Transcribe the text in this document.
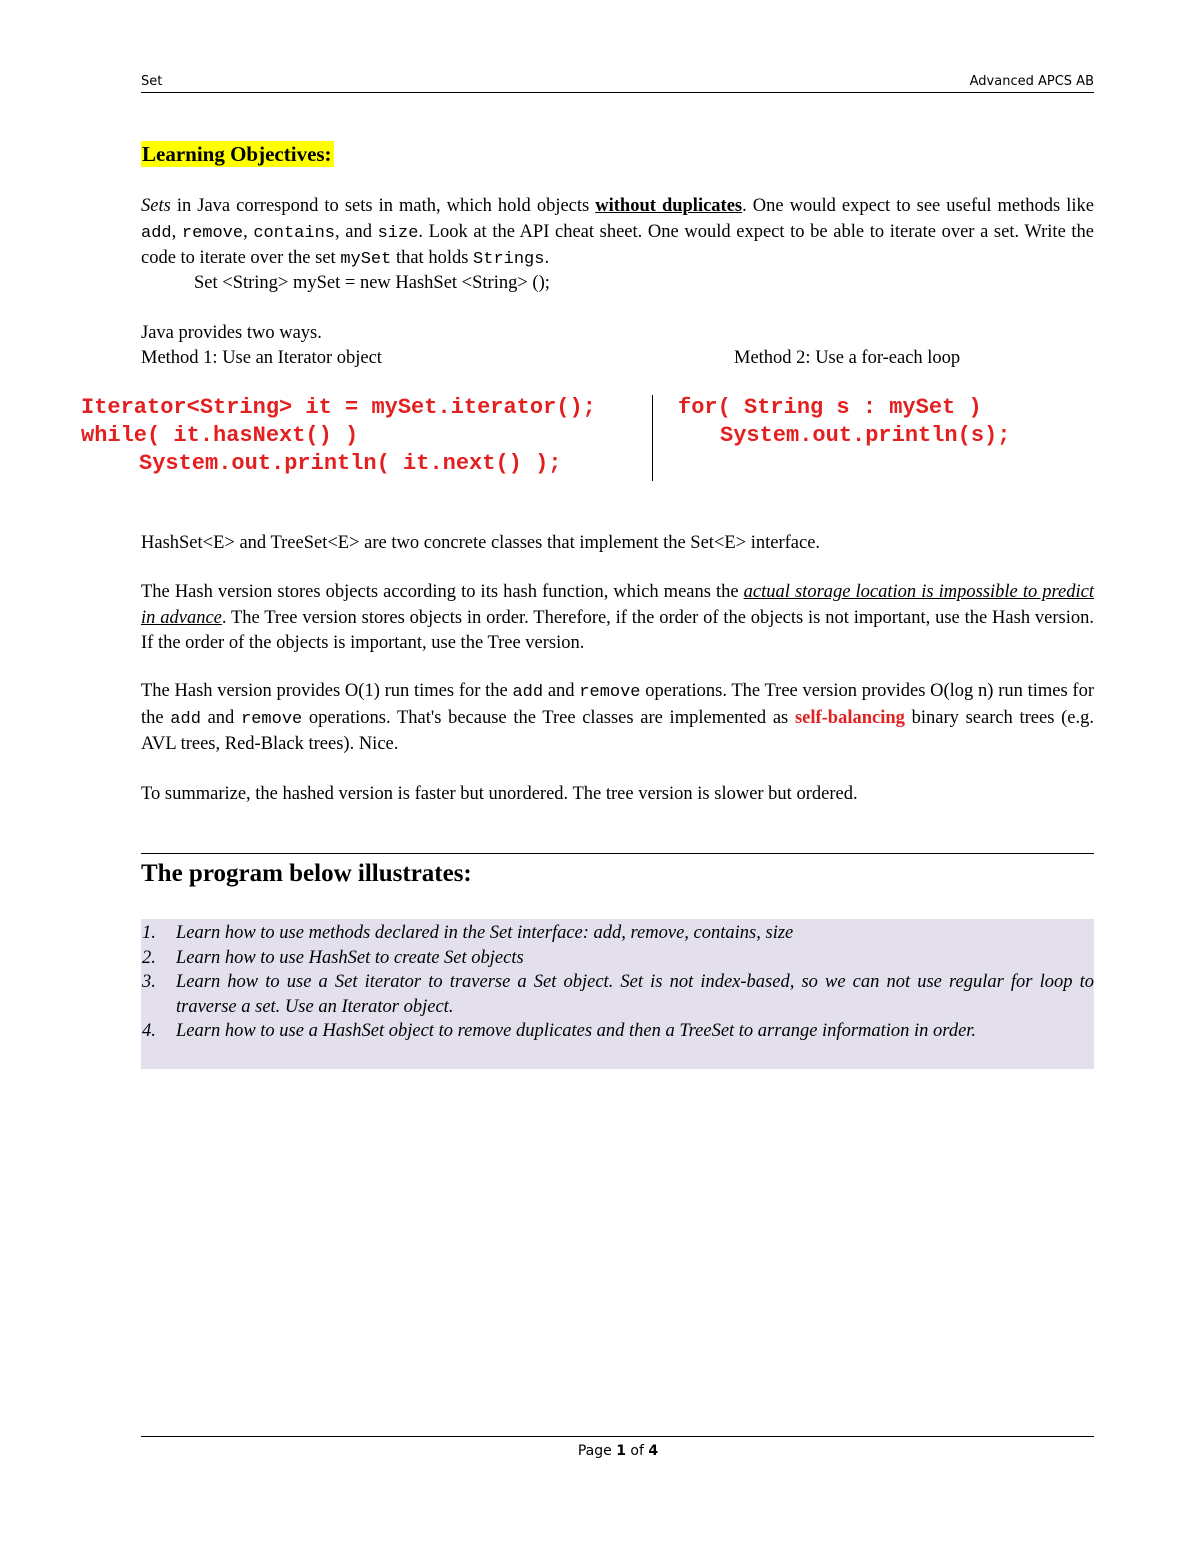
Set	Advanced APCS AB
Learning Objectives:
Sets in Java correspond to sets in math, which hold objects without duplicates. One would expect to see useful methods like add, remove, contains, and size. Look at the API cheat sheet. One would expect to be able to iterate over a set. Write the code to iterate over the set mySet that holds Strings.
Set <String> mySet = new HashSet <String> ();
Java provides two ways.
Method 1: Use an Iterator object	Method 2: Use a for-each loop
Iterator<String> it = mySet.iterator();
while( it.hasNext() )
System.out.println( it.next() );
for( String s : mySet )
System.out.println(s);
HashSet<E> and TreeSet<E> are two concrete classes that implement the Set<E> interface.
The Hash version stores objects according to its hash function, which means the actual storage location is impossible to predict in advance. The Tree version stores objects in order. Therefore, if the order of the objects is not important, use the Hash version. If the order of the objects is important, use the Tree version.
The Hash version provides O(1) run times for the add and remove operations. The Tree version provides O(log n) run times for the add and remove operations. That's because the Tree classes are implemented as self-balancing binary search trees (e.g. AVL trees, Red-Black trees). Nice.
To summarize, the hashed version is faster but unordered. The tree version is slower but ordered.
The program below illustrates:
1. Learn how to use methods declared in the Set interface: add, remove, contains, size
2. Learn how to use HashSet to create Set objects
3. Learn how to use a Set iterator to traverse a Set object. Set is not index-based, so we can not use regular for loop to traverse a set. Use an Iterator object.
4. Learn how to use a HashSet object to remove duplicates and then a TreeSet to arrange information in order.
Page 1 of 4
